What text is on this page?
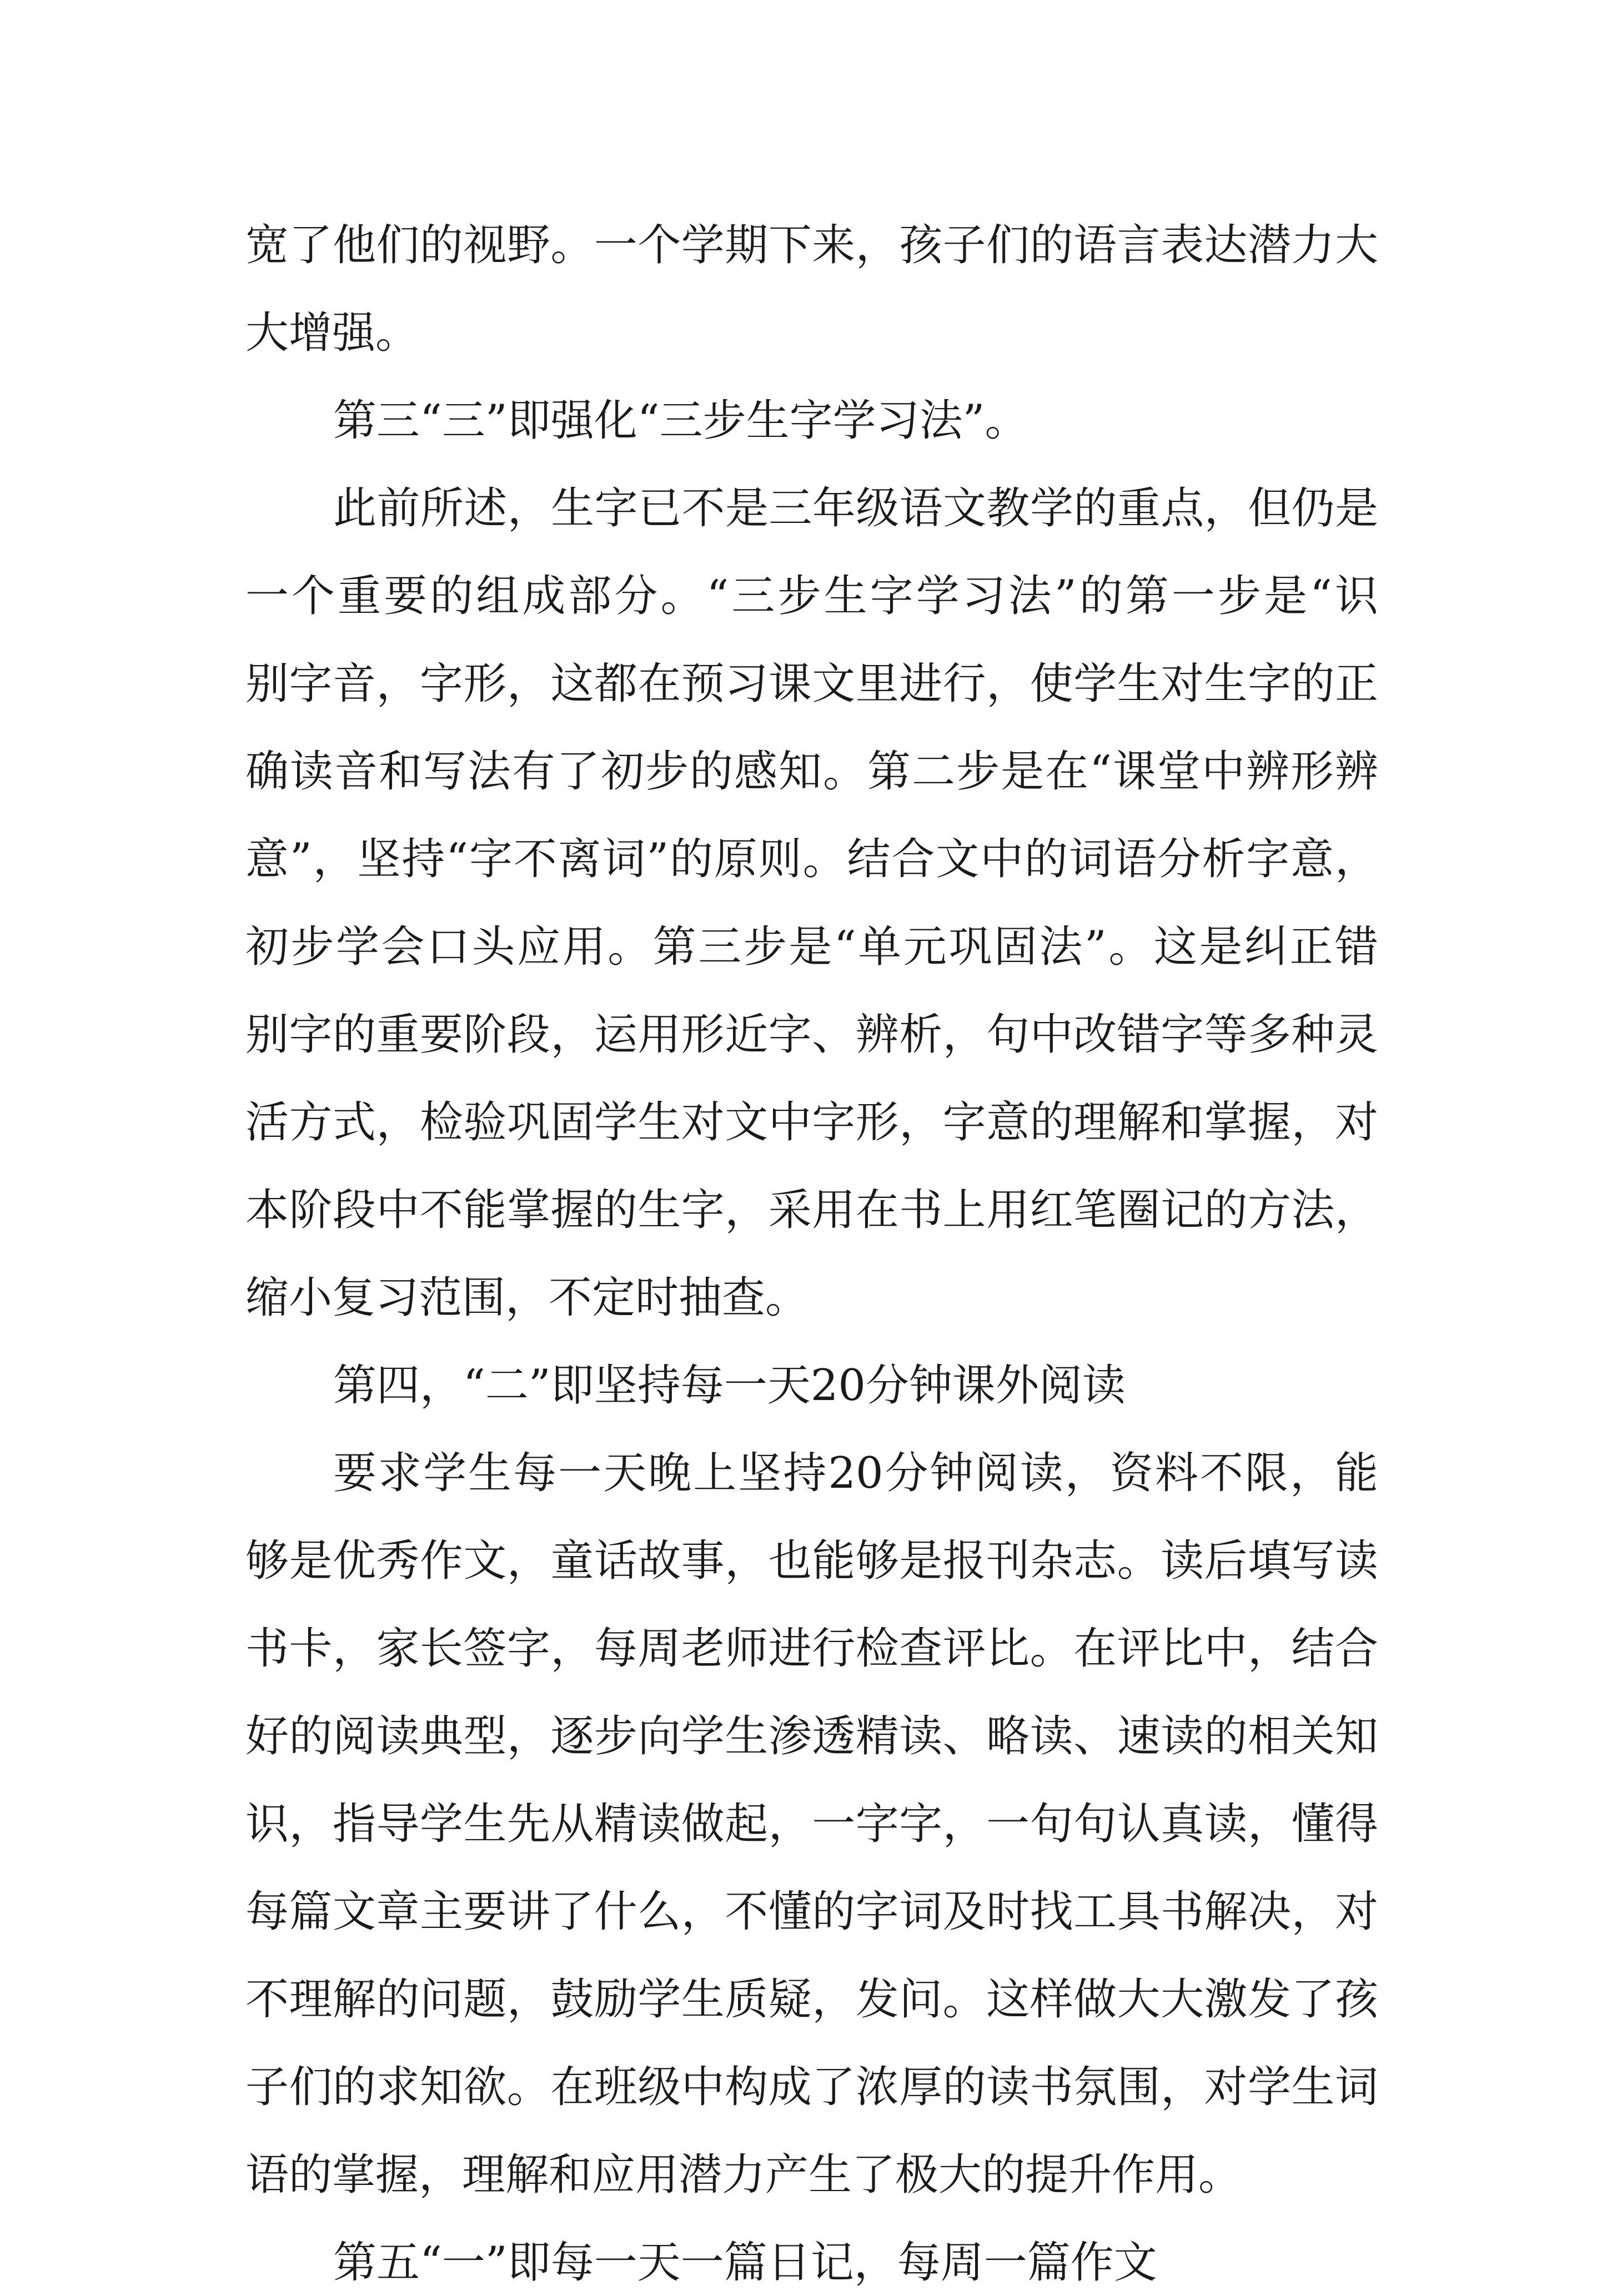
宽了他们的视野。一个学期下来，孩子们的语言表达潜力大
大增强。
第三“三”即强化“三步生字学习法”。
此前所述，生字已不是三年级语文教学的重点，但仍是
一个重要的组成部分。“三步生字学习法”的第一步是“识
别字音，字形，这都在预习课文里进行，使学生对生字的正
确读音和写法有了初步的感知。第二步是在“课堂中辨形辨
意”，坚持“字不离词”的原则。结合文中的词语分析字意，
初步学会口头应用。第三步是“单元巩固法”。这是纠正错
别字的重要阶段，运用形近字、辨析，句中改错字等多种灵
活方式，检验巩固学生对文中字形，字意的理解和掌握，对
本阶段中不能掌握的生字，采用在书上用红笔圈记的方法，
缩小复习范围，不定时抽查。
第四，“二”即坚持每一天20分钟课外阅读
要求学生每一天晚上坚持20分钟阅读，资料不限，能
够是优秀作文，童话故事，也能够是报刊杂志。读后填写读
书卡，家长签字，每周老师进行检查评比。在评比中，结合
好的阅读典型，逐步向学生渗透精读、略读、速读的相关知
识，指导学生先从精读做起，一字字，一句句认真读，懂得
每篇文章主要讲了什么，不懂的字词及时找工具书解决，对
不理解的问题，鼓励学生质疑，发问。这样做大大激发了孩
子们的求知欲。在班级中构成了浓厚的读书氛围，对学生词
语的掌握，理解和应用潜力产生了极大的提升作用。
第五“一”即每一天一篇日记，每周一篇作文
